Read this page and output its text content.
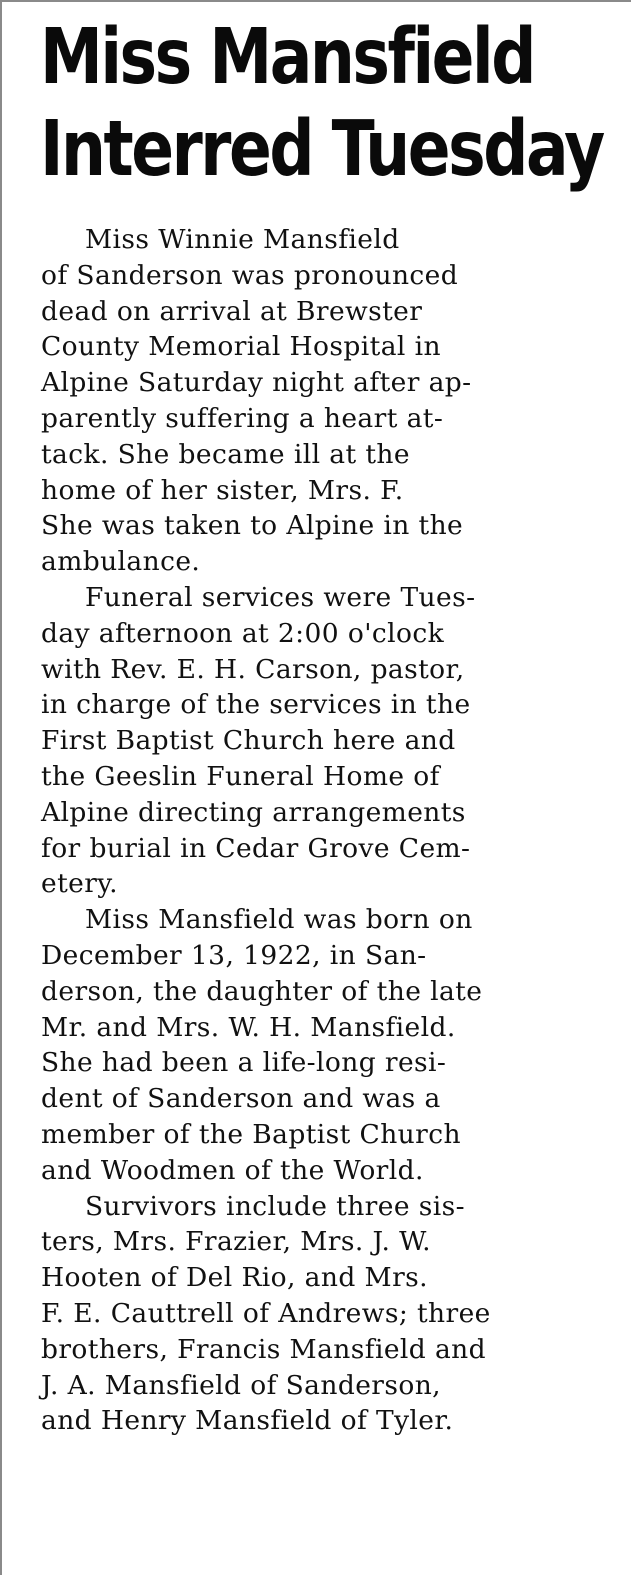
Miss Mansfield
Interred Tuesday

Miss Winnie Mansfield
of Sanderson was pronounced
dead on arrival at Brewster
County Memorial Hospital in
Alpine Saturday night after ap-
parently suffering a heart at-
tack. She became ill at the
home of her sister, Mrs. F.
She was taken to Alpine in the
ambulance.

Funeral services were Tues-
day afternoon at 2:00 o'clock
with Rev. E. H. Carson, pastor,
in charge of the services in the
First Baptist Church here and
the Geeslin Funeral Home of
Alpine directing arrangements
for burial in Cedar Grove Cem-
etery.

Miss Mansfield was born on
December 13, 1922, in San-
derson, the daughter of the late
Mr. and Mrs. W. H. Mansfield.
She had been a life-long resi-
dent of Sanderson and was a
member of the Baptist Church
and Woodmen of the World.

Survivors include three sis-
ters, Mrs. Frazier, Mrs. J. W.
Hooten of Del Rio, and Mrs.
F. E. Cauttrell of Andrews; three
brothers, Francis Mansfield and
J. A. Mansfield of Sanderson,
and Henry Mansfield of Tyler.
